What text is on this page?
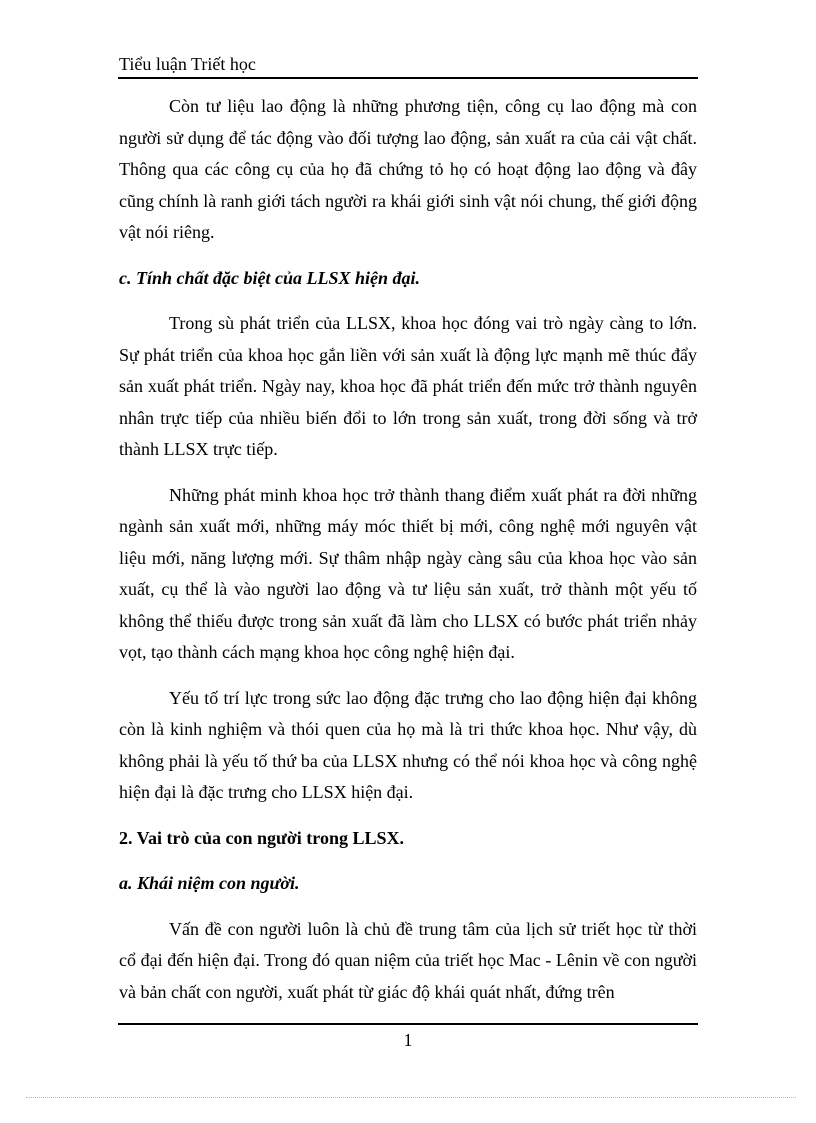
Tiểu luận Triết học

Còn tư liệu lao động là những phương tiện, công cụ lao động mà con người sử dụng để tác động vào đối tượng lao động, sản xuất ra của cải vật chất. Thông qua các công cụ của họ đã chứng tỏ họ có hoạt động lao động và đây cũng chính là ranh giới tách người ra khái giới sinh vật nói chung, thế giới động vật nói riêng.

c. Tính chất đặc biệt của LLSX hiện đại.

Trong sù phát triển của LLSX, khoa học đóng vai trò ngày càng to lớn. Sự phát triển của khoa học gắn liền với sản xuất là động lực mạnh mẽ thúc đẩy sản xuất phát triển. Ngày nay, khoa học đã phát triển đến mức trở thành nguyên nhân trực tiếp của nhiều biến đổi to lớn trong sản xuất, trong đời sống và trở thành LLSX trực tiếp.

Những phát minh khoa học trở thành thang điểm xuất phát ra đời những ngành sản xuất mới, những máy móc thiết bị mới, công nghệ mới nguyên vật liệu mới, năng lượng mới. Sự thâm nhập ngày càng sâu của khoa học vào sản xuất, cụ thể là vào người lao động và tư liệu sản xuất, trở thành một yếu tố không thể thiếu được trong sản xuất đã làm cho LLSX có bước phát triển nhảy vọt, tạo thành cách mạng khoa học công nghệ hiện đại.

Yếu tố trí lực trong sức lao động đặc trưng cho lao động hiện đại không còn là kinh nghiệm và thói quen của họ mà là tri thức khoa học. Như vậy, dù không phải là yếu tố thứ ba của LLSX nhưng có thể nói khoa học và công nghệ hiện đại là đặc trưng cho LLSX hiện đại.

2. Vai trò của con người trong LLSX.

a. Khái niệm con người.

Vấn đề con người luôn là chủ đề trung tâm của lịch sử triết học từ thời cổ đại đến hiện đại. Trong đó quan niệm của triết học Mac - Lênin về con người và bản chất con người, xuất phát từ giác độ khái quát nhất, đứng trên

1
